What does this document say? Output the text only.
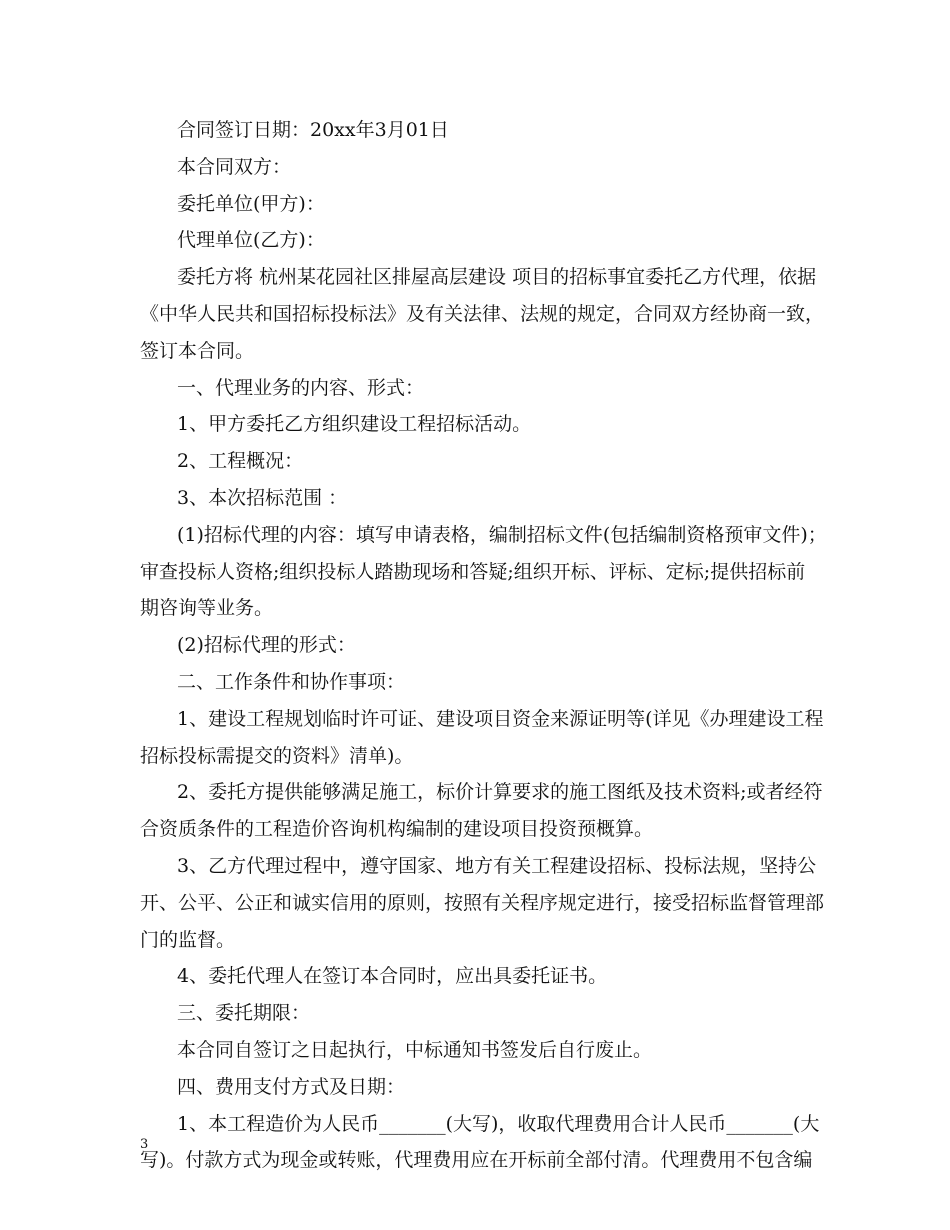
合同签订日期：20xx年3月01日
本合同双方：
委托单位(甲方)：
代理单位(乙方)：
委托方将 杭州某花园社区排屋高层建设 项目的招标事宜委托乙方代理，依据
《中华人民共和国招标投标法》及有关法律、法规的规定，合同双方经协商一致，
签订本合同。
一、代理业务的内容、形式：
1、甲方委托乙方组织建设工程招标活动。
2、工程概况：
3、本次招标范围 ：
(1)招标代理的内容：填写申请表格，编制招标文件(包括编制资格预审文件)；
审查投标人资格;组织投标人踏勘现场和答疑;组织开标、评标、定标;提供招标前
期咨询等业务。
(2)招标代理的形式：
二、工作条件和协作事项：
1、建设工程规划临时许可证、建设项目资金来源证明等(详见《办理建设工程
招标投标需提交的资料》清单)。
2、委托方提供能够满足施工，标价计算要求的施工图纸及技术资料;或者经符
合资质条件的工程造价咨询机构编制的建设项目投资预概算。
3、乙方代理过程中，遵守国家、地方有关工程建设招标、投标法规，坚持公
开、公平、公正和诚实信用的原则，按照有关程序规定进行，接受招标监督管理部
门的监督。
4、委托代理人在签订本合同时，应出具委托证书。
三、委托期限：
本合同自签订之日起执行，中标通知书签发后自行废止。
四、费用支付方式及日期：
1、本工程造价为人民币_______(大写)，收取代理费用合计人民币_______(大
写)。付款方式为现金或转账，代理费用应在开标前全部付清。代理费用不包含编
3
